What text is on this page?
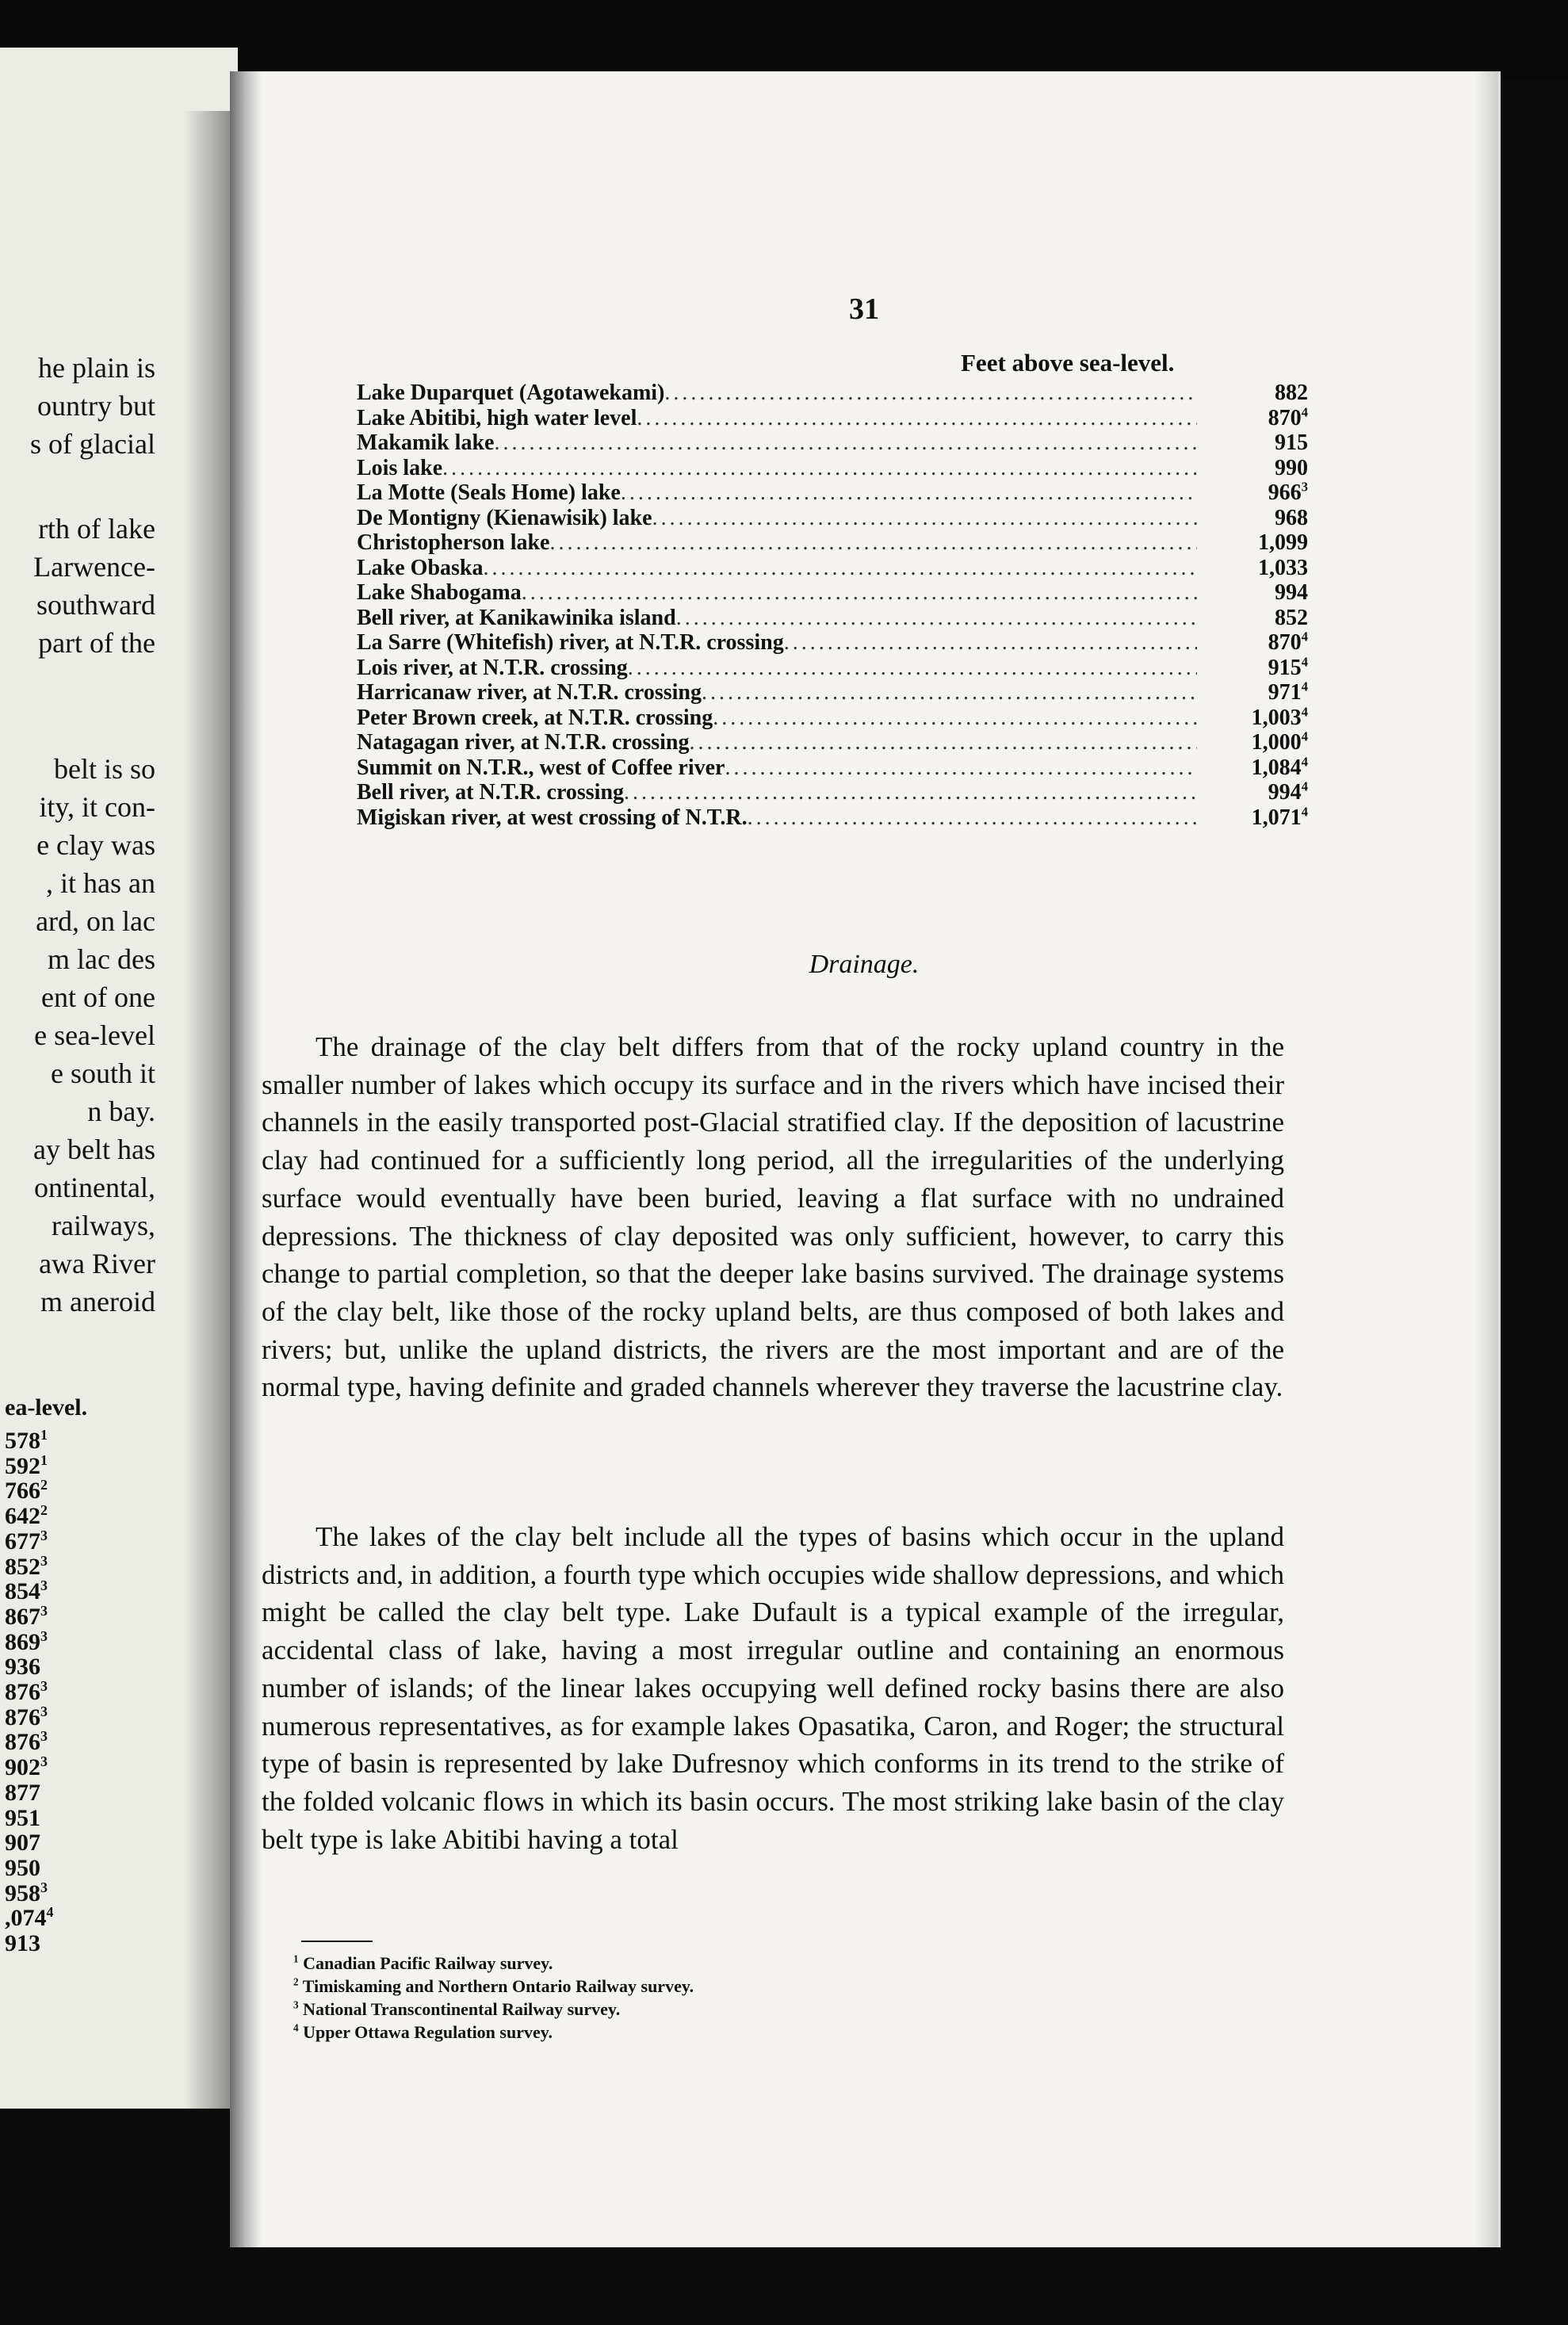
he plain is
ountry but
s of glacial
rth of lake
Larwence-
southward
part of the
belt is so
ity, it con-
e clay was
, it has an
ard, on lac
m lac des
ent of one
e sea-level
e south it
n bay.
ay belt has
ontinental,
railways,
awa River
m aneroid
ea-level.
$578^1$
$592^1$
$766^2$
$642^2$
$677^3$
$852^3$
$854^3$
$867^3$
$869^3$
936
$876^3$
$876^3$
$876^3$
$902^3$
877
951
907
950
$958^3$
,074$^4$
913
31
Feet above sea-level.
Lake Duparquet (Agotawekami) .....	882
Lake Abitibi, high water level .....	$870^4$
Makamik lake .....	915
Lois lake .....	990
La Motte (Seals Home) lake .....	$966^3$
De Montigny (Kienawisik) lake .....	968
Christopherson lake .....	1,099
Lake Obaska .....	1,033
Lake Shabogama .....	994
Bell river, at Kanikawinika island .....	852
La Sarre (Whitefish) river, at N.T.R. crossing .....	$870^4$
Lois river, at N.T.R. crossing .....	$915^4$
Harricanaw river, at N.T.R. crossing .....	$971^4$
Peter Brown creek, at N.T.R. crossing .....	1,003$^4$
Natagagan river, at N.T.R. crossing .....	1,000$^4$
Summit on N.T.R., west of Coffee river .....	1,084$^4$
Bell river, at N.T.R. crossing .....	$994^4$
Migiskan river, at west crossing of N.T.R. .....	1,071$^4$
Drainage.

The drainage of the clay belt differs from that of the rocky upland country in the smaller number of lakes which occupy its surface and in the rivers which have incised their channels in the easily transported post-Glacial stratified clay. If the deposition of lacustrine clay had continued for a sufficiently long period, all the irregularities of the underlying surface would eventually have been buried, leaving a flat surface with no undrained depressions. The thickness of clay deposited was only sufficient, however, to carry this change to partial completion, so that the deeper lake basins survived. The drainage systems of the clay belt, like those of the rocky upland belts, are thus composed of both lakes and rivers; but, unlike the upland districts, the rivers are the most important and are of the normal type, having definite and graded channels wherever they traverse the lacustrine clay.

The lakes of the clay belt include all the types of basins which occur in the upland districts and, in addition, a fourth type which occupies wide shallow depressions, and which might be called the clay belt type. Lake Dufault is a typical example of the irregular, accidental class of lake, having a most irregular outline and containing an enormous number of islands; of the linear lakes occupying well defined rocky basins there are also numerous representatives, as for example lakes Opasatika, Caron, and Roger; the structural type of basin is represented by lake Dufresnoy which conforms in its trend to the strike of the folded volcanic flows in which its basin occurs. The most striking lake basin of the clay belt type is lake Abitibi having a total

$^1$ Canadian Pacific Railway survey.
$^2$ Timiskaming and Northern Ontario Railway survey.
$^3$ National Transcontinental Railway survey.
$^4$ Upper Ottawa Regulation survey.
